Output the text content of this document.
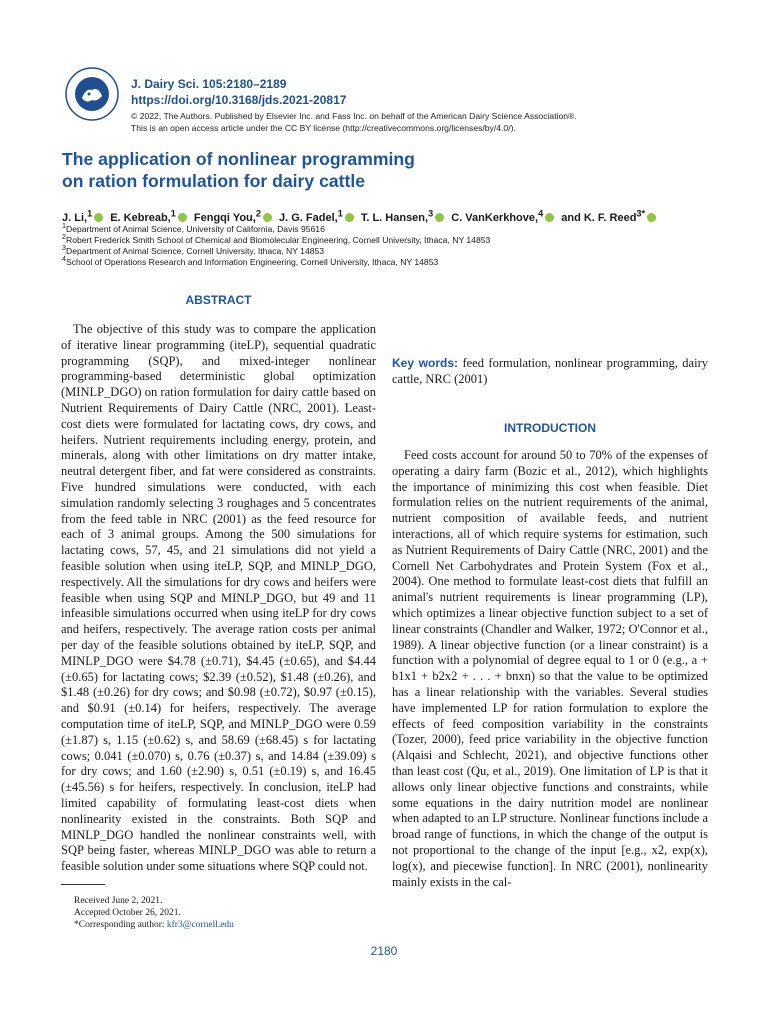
J. Dairy Sci. 105:2180–2189
https://doi.org/10.3168/jds.2021-20817
© 2022, The Authors. Published by Elsevier Inc. and Fass Inc. on behalf of the American Dairy Science Association®.
This is an open access article under the CC BY license (http://creativecommons.org/licenses/by/4.0/).
The application of nonlinear programming
on ration formulation for dairy cattle
J. Li,$^1$ E. Kebreab,$^1$ Fengqi You,$^2$ J. G. Fadel,$^1$ T. L. Hansen,$^3$ C. VanKerkhove,$^4$ and K. F. Reed$^{3*}$
$^1$Department of Animal Science, University of California, Davis 95616
$^2$Robert Frederick Smith School of Chemical and Biomolecular Engineering, Cornell University, Ithaca, NY 14853
$^3$Department of Animal Science, Cornell University, Ithaca, NY 14853
$^4$School of Operations Research and Information Engineering, Cornell University, Ithaca, NY 14853
ABSTRACT
The objective of this study was to compare the application of iterative linear programming (iteLP), sequential quadratic programming (SQP), and mixed-integer nonlinear programming-based deterministic global optimization (MINLP_DGO) on ration formulation for dairy cattle based on Nutrient Requirements of Dairy Cattle (NRC, 2001). Least-cost diets were formulated for lactating cows, dry cows, and heifers. Nutrient requirements including energy, protein, and minerals, along with other limitations on dry matter intake, neutral detergent fiber, and fat were considered as constraints. Five hundred simulations were conducted, with each simulation randomly selecting 3 roughages and 5 concentrates from the feed table in NRC (2001) as the feed resource for each of 3 animal groups. Among the 500 simulations for lactating cows, 57, 45, and 21 simulations did not yield a feasible solution when using iteLP, SQP, and MINLP_DGO, respectively. All the simulations for dry cows and heifers were feasible when using SQP and MINLP_DGO, but 49 and 11 infeasible simulations occurred when using iteLP for dry cows and heifers, respectively. The average ration costs per animal per day of the feasible solutions obtained by iteLP, SQP, and MINLP_DGO were $4.78 (±0.71), $4.45 (±0.65), and $4.44 (±0.65) for lactating cows; $2.39 (±0.52), $1.48 (±0.26), and $1.48 (±0.26) for dry cows; and $0.98 (±0.72), $0.97 (±0.15), and $0.91 (±0.14) for heifers, respectively. The average computation time of iteLP, SQP, and MINLP_DGO were 0.59 (±1.87) s, 1.15 (±0.62) s, and 58.69 (±68.45) s for lactating cows; 0.041 (±0.070) s, 0.76 (±0.37) s, and 14.84 (±39.09) s for dry cows; and 1.60 (±2.90) s, 0.51 (±0.19) s, and 16.45 (±45.56) s for heifers, respectively. In conclusion, iteLP had limited capability of formulating least-cost diets when nonlinearity existed in the constraints. Both SQP and MINLP_DGO handled the nonlinear constraints well, with SQP being faster, whereas MINLP_DGO was able to return a feasible solution under some situations where SQP could not.
Key words: feed formulation, nonlinear programming, dairy cattle, NRC (2001)
INTRODUCTION
Feed costs account for around 50 to 70% of the expenses of operating a dairy farm (Bozic et al., 2012), which highlights the importance of minimizing this cost when feasible. Diet formulation relies on the nutrient requirements of the animal, nutrient composition of available feeds, and nutrient interactions, all of which require systems for estimation, such as Nutrient Requirements of Dairy Cattle (NRC, 2001) and the Cornell Net Carbohydrates and Protein System (Fox et al., 2004). One method to formulate least-cost diets that fulfill an animal's nutrient requirements is linear programming (LP), which optimizes a linear objective function subject to a set of linear constraints (Chandler and Walker, 1972; O'Connor et al., 1989). A linear objective function (or a linear constraint) is a function with a polynomial of degree equal to 1 or 0 (e.g., a + b1x1 + b2x2 + . . . + bnxn) so that the value to be optimized has a linear relationship with the variables. Several studies have implemented LP for ration formulation to explore the effects of feed composition variability in the constraints (Tozer, 2000), feed price variability in the objective function (Alqaisi and Schlecht, 2021), and objective functions other than least cost (Qu, et al., 2019). One limitation of LP is that it allows only linear objective functions and constraints, while some equations in the dairy nutrition model are nonlinear when adapted to an LP structure. Nonlinear functions include a broad range of functions, in which the change of the output is not proportional to the change of the input [e.g., x2, exp(x), log(x), and piecewise function]. In NRC (2001), nonlinearity mainly exists in the cal-
Received June 2, 2021.
Accepted October 26, 2021.
*Corresponding author: kfr3@cornell.edu
2180
